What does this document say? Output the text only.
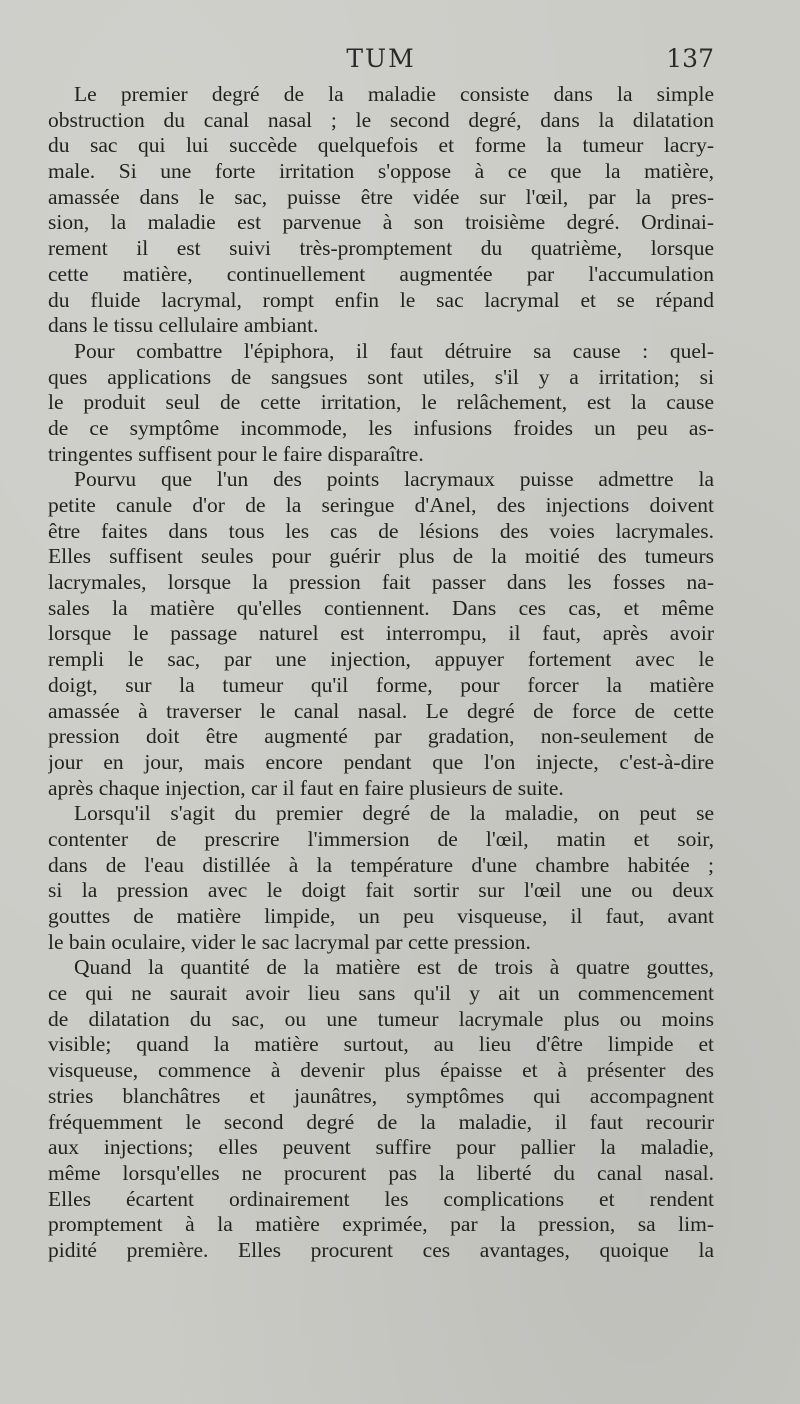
TUM	137
Le premier degré de la maladie consiste dans la simple
obstruction du canal nasal ; le second degré, dans la dilatation
du sac qui lui succède quelquefois et forme la tumeur lacry-
male. Si une forte irritation s'oppose à ce que la matière,
amassée dans le sac, puisse être vidée sur l'œil, par la pres-
sion, la maladie est parvenue à son troisième degré. Ordinai-
rement il est suivi très-promptement du quatrième, lorsque
cette matière, continuellement augmentée par l'accumulation
du fluide lacrymal, rompt enfin le sac lacrymal et se répand
dans le tissu cellulaire ambiant.
Pour combattre l'épiphora, il faut détruire sa cause : quel-
ques applications de sangsues sont utiles, s'il y a irritation; si
le produit seul de cette irritation, le relâchement, est la cause
de ce symptôme incommode, les infusions froides un peu as-
tringentes suffisent pour le faire disparaître.
Pourvu que l'un des points lacrymaux puisse admettre la
petite canule d'or de la seringue d'Anel, des injections doivent
être faites dans tous les cas de lésions des voies lacrymales.
Elles suffisent seules pour guérir plus de la moitié des tumeurs
lacrymales, lorsque la pression fait passer dans les fosses na-
sales la matière qu'elles contiennent. Dans ces cas, et même
lorsque le passage naturel est interrompu, il faut, après avoir
rempli le sac, par une injection, appuyer fortement avec le
doigt, sur la tumeur qu'il forme, pour forcer la matière
amassée à traverser le canal nasal. Le degré de force de cette
pression doit être augmenté par gradation, non-seulement de
jour en jour, mais encore pendant que l'on injecte, c'est-à-dire
après chaque injection, car il faut en faire plusieurs de suite.
Lorsqu'il s'agit du premier degré de la maladie, on peut se
contenter de prescrire l'immersion de l'œil, matin et soir,
dans de l'eau distillée à la température d'une chambre habitée ;
si la pression avec le doigt fait sortir sur l'œil une ou deux
gouttes de matière limpide, un peu visqueuse, il faut, avant
le bain oculaire, vider le sac lacrymal par cette pression.
Quand la quantité de la matière est de trois à quatre gouttes,
ce qui ne saurait avoir lieu sans qu'il y ait un commencement
de dilatation du sac, ou une tumeur lacrymale plus ou moins
visible; quand la matière surtout, au lieu d'être limpide et
visqueuse, commence à devenir plus épaisse et à présenter des
stries blanchâtres et jaunâtres, symptômes qui accompagnent
fréquemment le second degré de la maladie, il faut recourir
aux injections; elles peuvent suffire pour pallier la maladie,
même lorsqu'elles ne procurent pas la liberté du canal nasal.
Elles écartent ordinairement les complications et rendent
promptement à la matière exprimée, par la pression, sa lim-
pidité première. Elles procurent ces avantages, quoique la
